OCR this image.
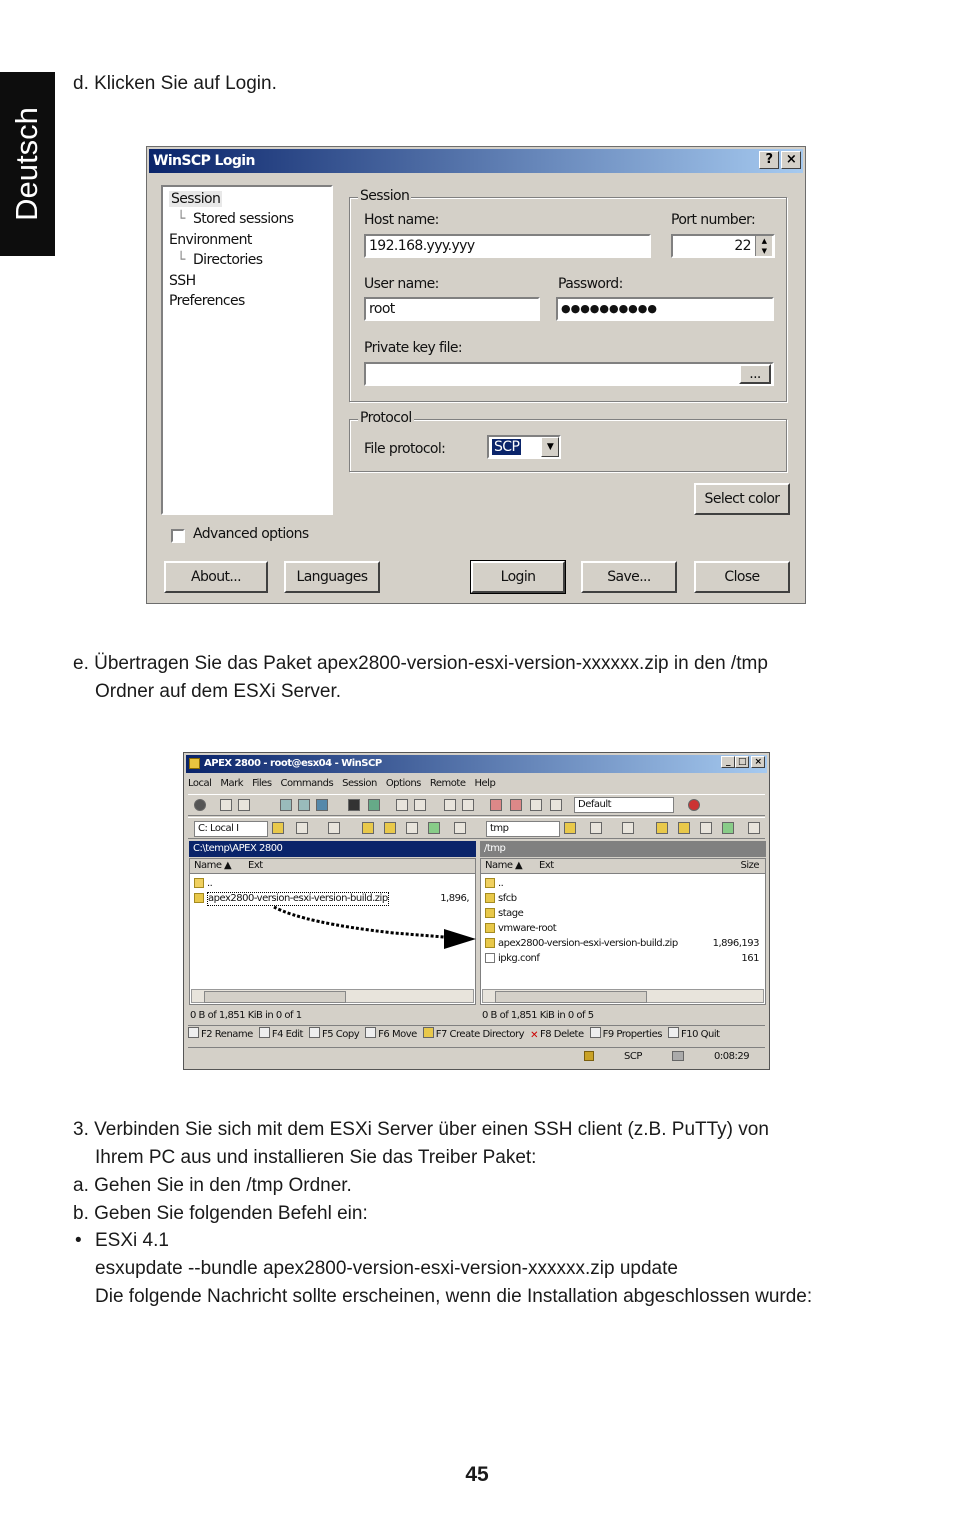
Deutsch
d. Klicken Sie auf Login.
WinSCP Login	?	×
Session
└ Stored sessions
Environment
└ Directories
SSH
Preferences
Session
Host name:
192.168.yyy.yyy
Port number:
22	▲
▼
User name:
root
Password:
●●●●●●●●●●
Private key file:
...
Protocol
File protocol:	SCP	▼
Select color
Advanced options
About...	Languages	Login	Save...	Close
e. Übertragen Sie das Paket apex2800-version-esxi-version-xxxxxx.zip in den /tmp
Ordner auf dem ESXi Server.
APEX 2800 - root@esx04 - WinSCP	_ □ ×
Local Mark Files Commands Session Options Remote Help
Default
C: Local I	tmp
C:\temp\APEX 2800	/tmp
Name ▲ Ext
..
apex2800-version-esxi-version-build.zip	1,896,
Name ▲ Ext	Size
..
sfcb
stage
vmware-root
apex2800-version-esxi-version-build.zip	1,896,193
ipkg.conf	161
0 B of 1,851 KiB in 0 of 1	0 B of 1,851 KiB in 0 of 5
F2 Rename F4 Edit F5 Copy F6 Move F7 Create Directory ✕ F8 Delete F9 Properties F10 Quit
SCP	0:08:29
3. Verbinden Sie sich mit dem ESXi Server über einen SSH client (z.B. PuTTy) von
Ihrem PC aus und installieren Sie das Treiber Paket:
a. Gehen Sie in den /tmp Ordner.
b. Geben Sie folgenden Befehl ein:
• ESXi 4.1
esxupdate --bundle apex2800-version-esxi-version-xxxxxx.zip update
Die folgende Nachricht sollte erscheinen, wenn die Installation abgeschlossen wurde:
45
